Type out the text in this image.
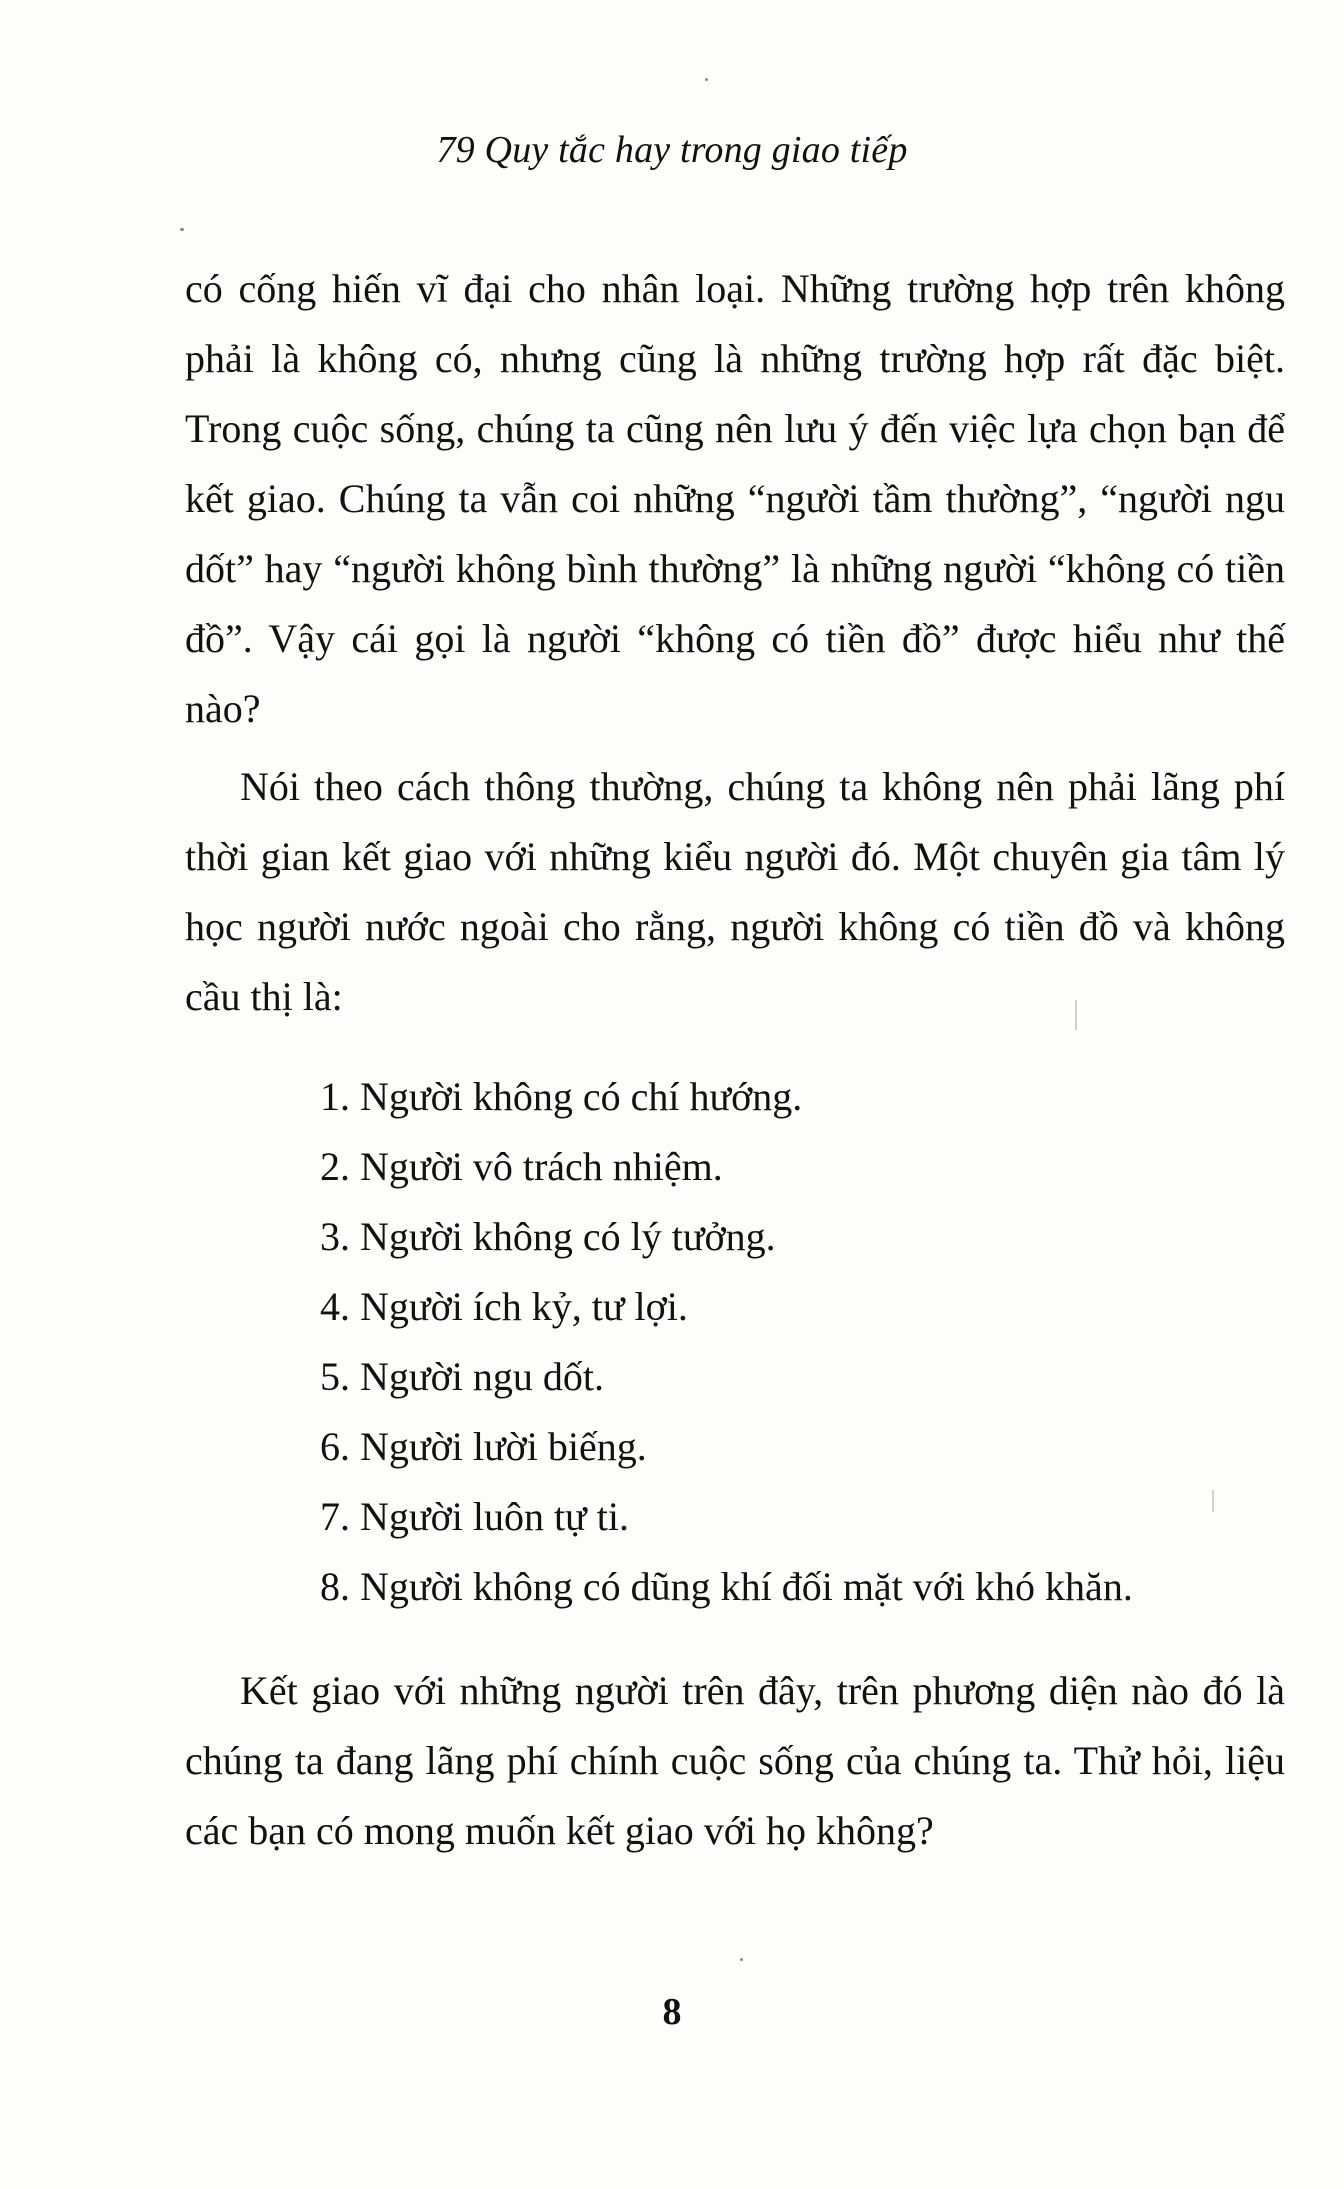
79 Quy tắc hay trong giao tiếp

có cống hiến vĩ đại cho nhân loại. Những trường hợp trên không phải là không có, nhưng cũng là những trường hợp rất đặc biệt. Trong cuộc sống, chúng ta cũng nên lưu ý đến việc lựa chọn bạn để kết giao. Chúng ta vẫn coi những “người tầm thường”, “người ngu dốt” hay “người không bình thường” là những người “không có tiền đồ”. Vậy cái gọi là người “không có tiền đồ” được hiểu như thế nào?

Nói theo cách thông thường, chúng ta không nên phải lãng phí thời gian kết giao với những kiểu người đó. Một chuyên gia tâm lý học người nước ngoài cho rằng, người không có tiền đồ và không cầu thị là:

1. Người không có chí hướng.
2. Người vô trách nhiệm.
3. Người không có lý tưởng.
4. Người ích kỷ, tư lợi.
5. Người ngu dốt.
6. Người lười biếng.
7. Người luôn tự ti.
8. Người không có dũng khí đối mặt với khó khăn.

Kết giao với những người trên đây, trên phương diện nào đó là chúng ta đang lãng phí chính cuộc sống của chúng ta. Thử hỏi, liệu các bạn có mong muốn kết giao với họ không?

8
